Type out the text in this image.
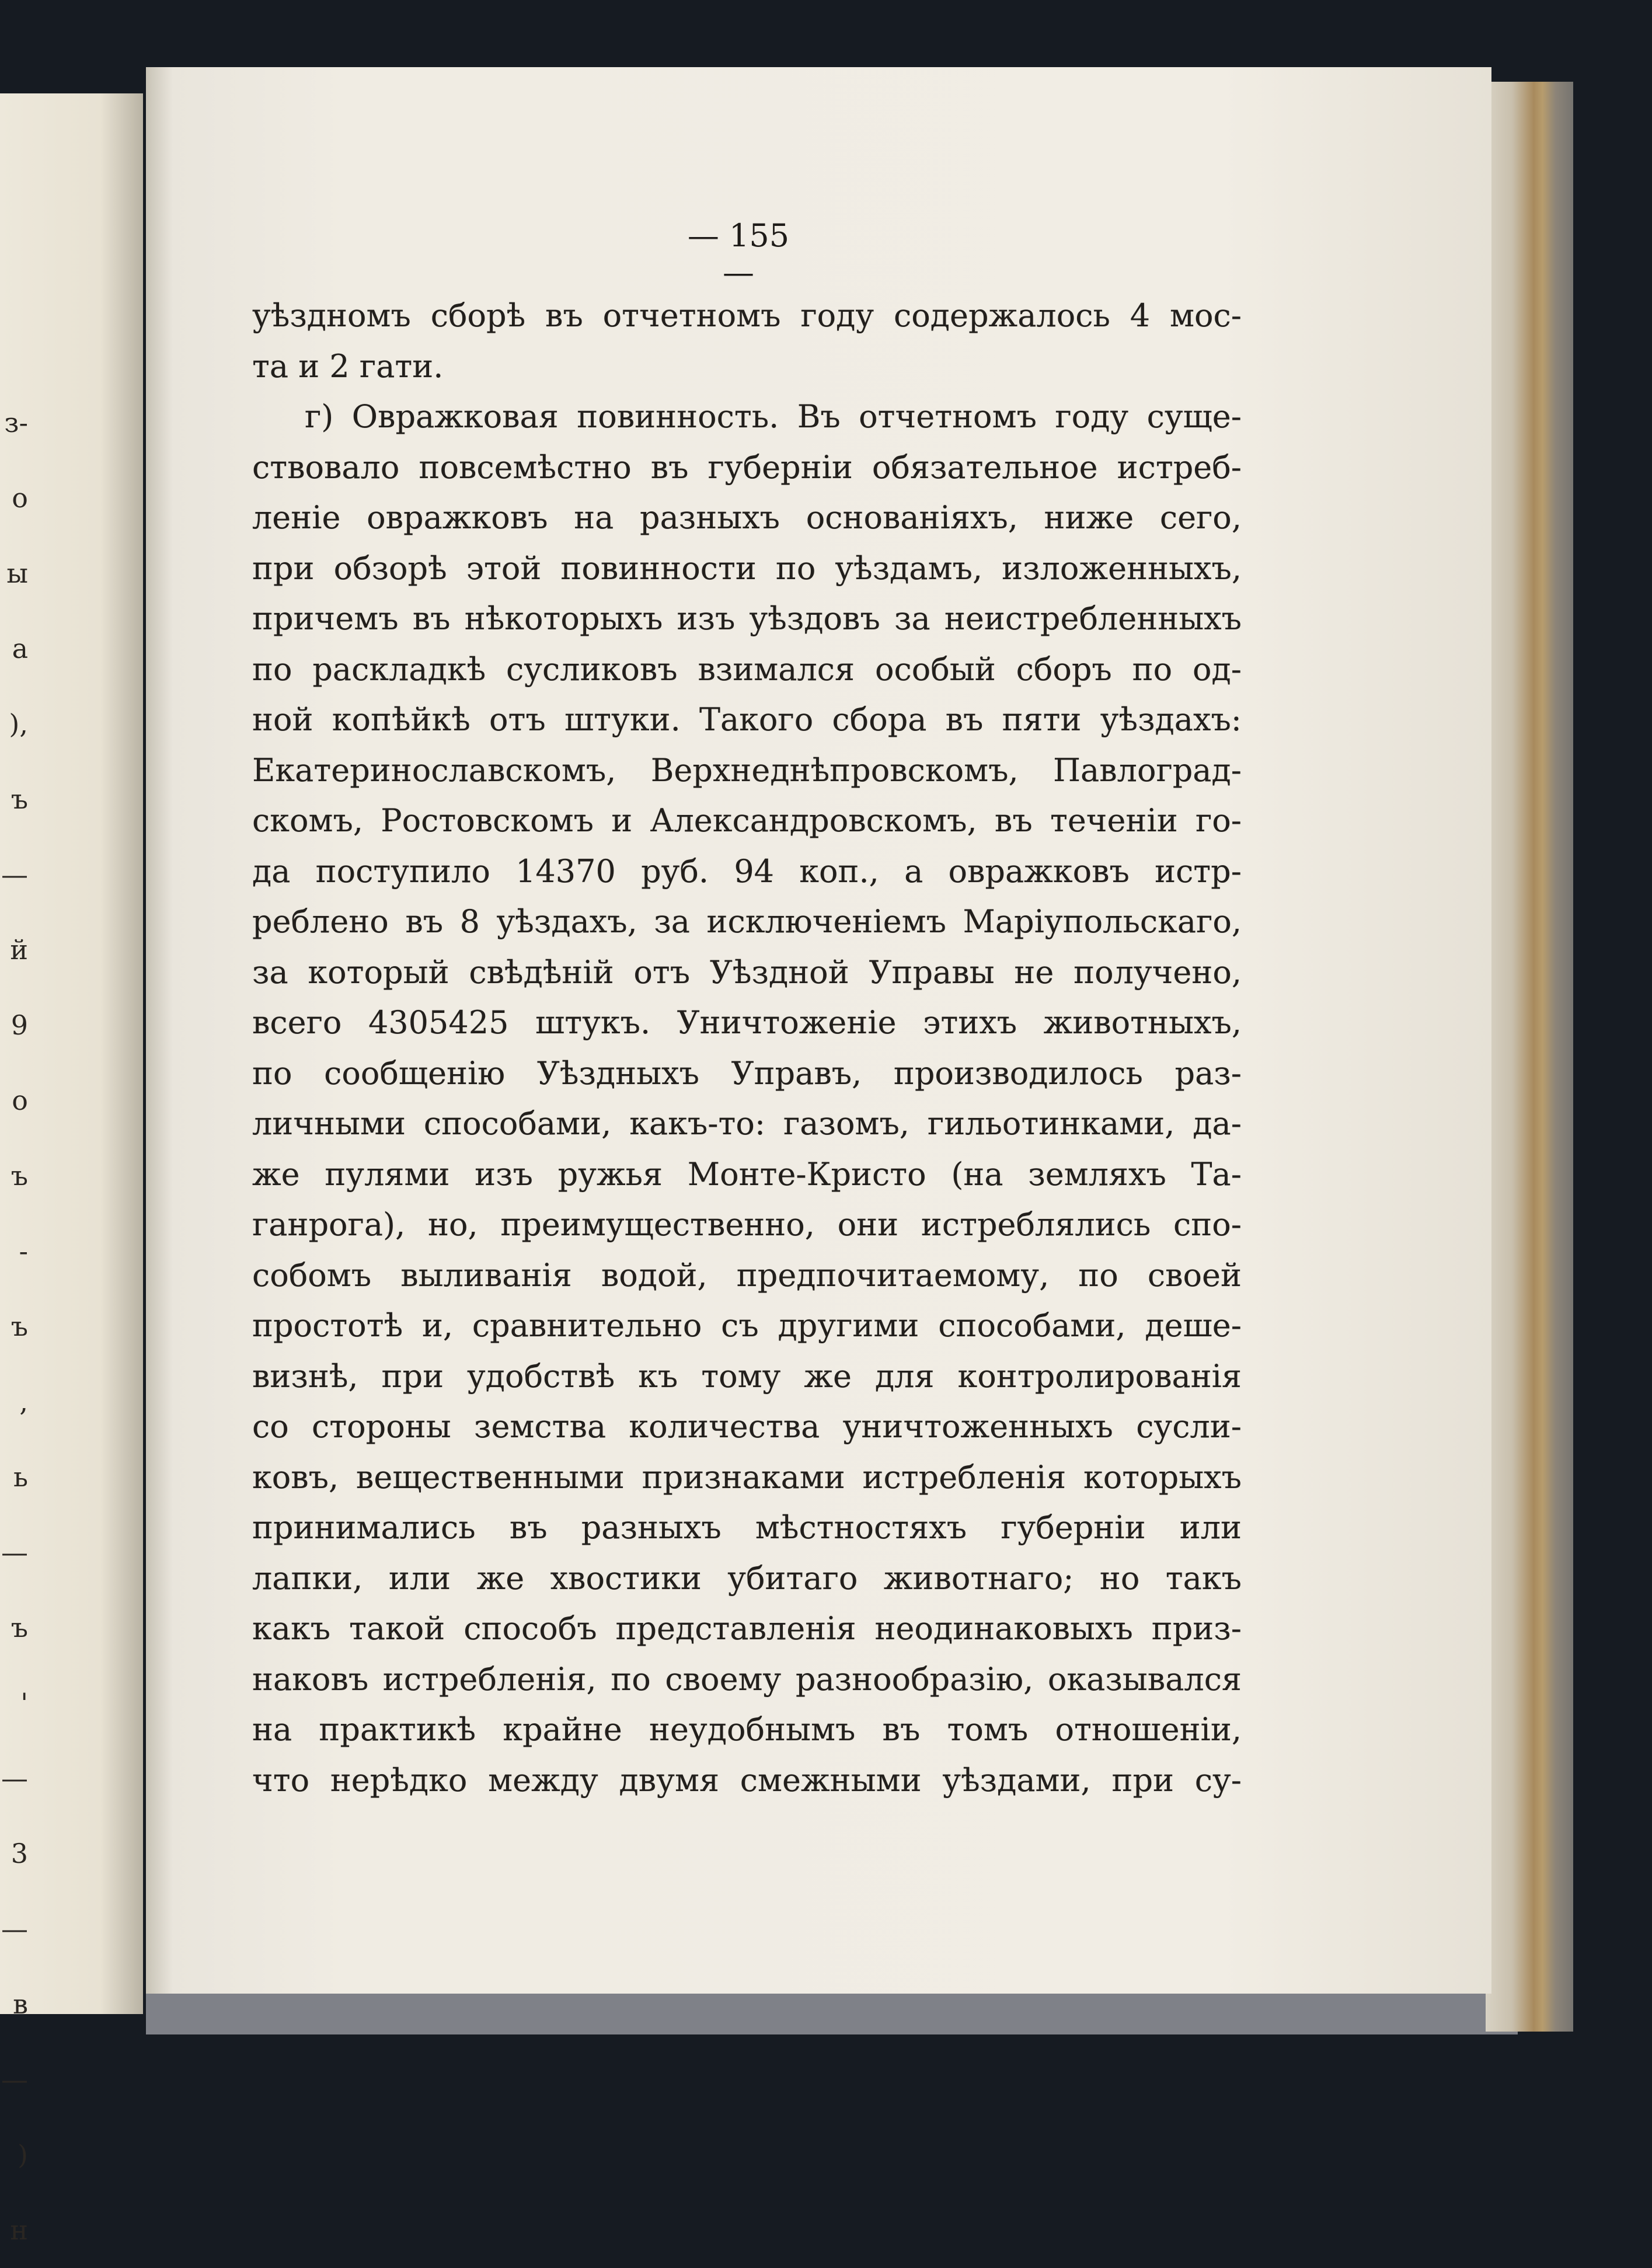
з-
о
ы
а
),
ъ
—
й
9
о
ъ
-
ъ
,
ь
—
ъ
'
—
3
—
в
—
)
н
— 155 —
уѣздномъ сборѣ въ отчетномъ году содержалось 4 мос-
та и 2 гати.
г) Овражковая повинность. Въ отчетномъ году суще-
ствовало повсемѣстно въ губерніи обязательное истреб-
леніе овражковъ на разныхъ основаніяхъ, ниже сего,
при обзорѣ этой повинности по уѣздамъ, изложенныхъ,
причемъ въ нѣкоторыхъ изъ уѣздовъ за неистребленныхъ
по раскладкѣ сусликовъ взимался особый сборъ по од-
ной копѣйкѣ отъ штуки. Такого сбора въ пяти уѣздахъ:
Екатеринославскомъ, Верхнеднѣпровскомъ, Павлоград-
скомъ, Ростовскомъ и Александровскомъ, въ теченіи го-
да поступило 14370 руб. 94 коп., а овражковъ истр-
реблено въ 8 уѣздахъ, за исключеніемъ Маріупольскаго,
за который свѣдѣній отъ Уѣздной Управы не получено,
всего 4305425 штукъ. Уничтоженіе этихъ животныхъ,
по сообщенію Уѣздныхъ Управъ, производилось раз-
личными способами, какъ-то: газомъ, гильотинками, да-
же пулями изъ ружья Монте-Кристо (на земляхъ Та-
ганрога), но, преимущественно, они истреблялись спо-
собомъ выливанія водой, предпочитаемому, по своей
простотѣ и, сравнительно съ другими способами, деше-
визнѣ, при удобствѣ къ тому же для контролированія
со стороны земства количества уничтоженныхъ сусли-
ковъ, вещественными признаками истребленія которыхъ
принимались въ разныхъ мѣстностяхъ губерніи или
лапки, или же хвостики убитаго животнаго; но такъ
какъ такой способъ представленія неодинаковыхъ приз-
наковъ истребленія, по своему разнообразію, оказывался
на практикѣ крайне неудобнымъ въ томъ отношеніи,
что нерѣдко между двумя смежными уѣздами, при су-
